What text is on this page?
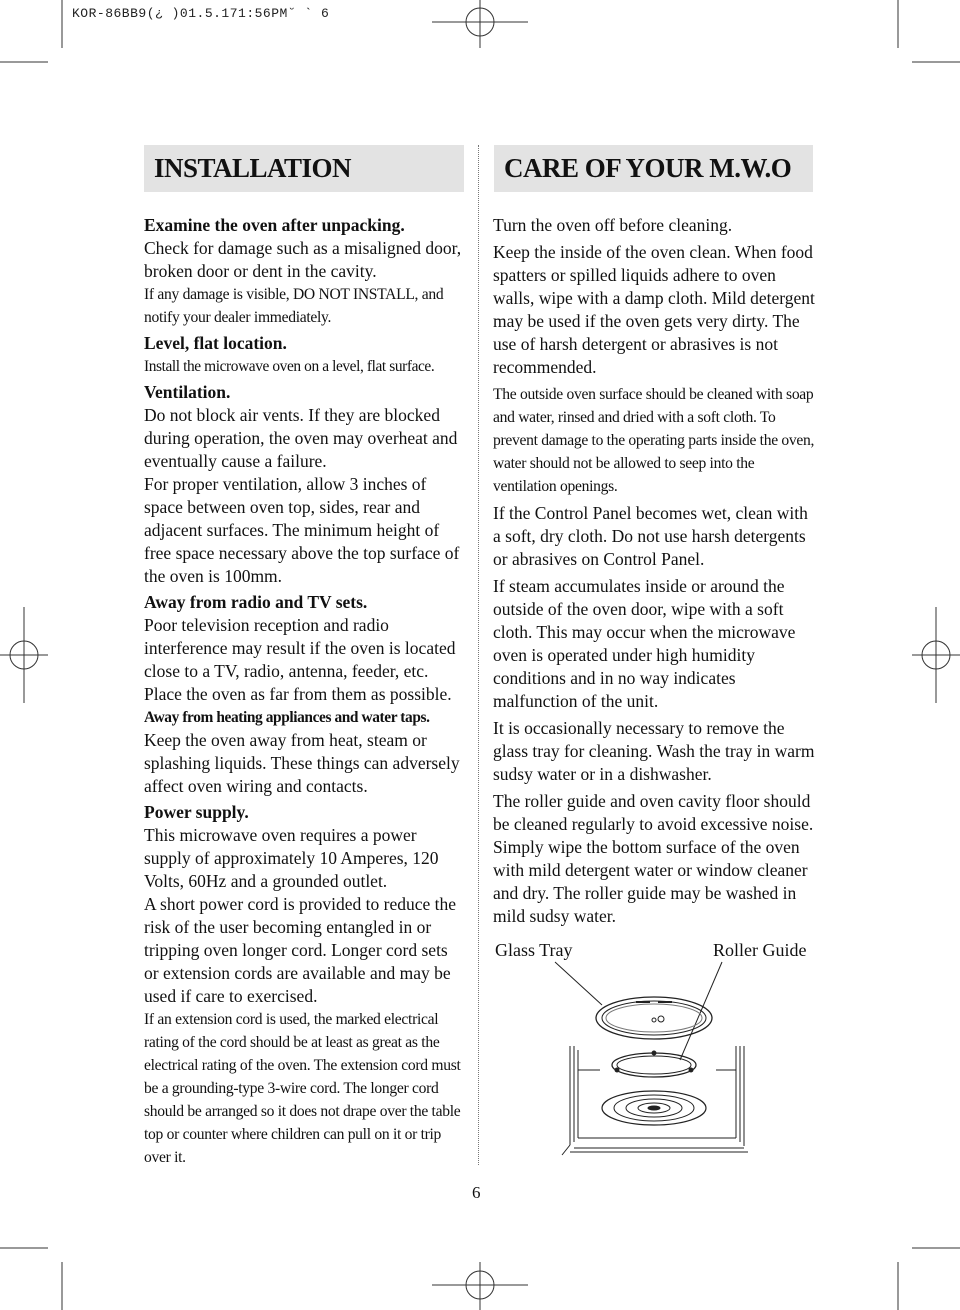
KOR-86BB9(¿ )01.5.171:56PM˘ ` 6
INSTALLATION	CARE OF YOUR M.W.O

Examine the oven after unpacking.

Check for damage such as a misaligned door, broken door or dent in the cavity.

If any damage is visible, DO NOT INSTALL, and notify your dealer immediately.

Level, flat location.

Install the microwave oven on a level, flat surface.

Ventilation.

Do not block air vents. If they are blocked during operation, the oven may overheat and eventually cause a failure.

For proper ventilation, allow 3 inches of space between oven top, sides, rear and adjacent surfaces. The minimum height of free space necessary above the top surface of the oven is 100mm.

Away from radio and TV sets.

Poor television reception and radio interference may result if the oven is located close to a TV, radio, antenna, feeder, etc. Place the oven as far from them as possible.

Away from heating appliances and water taps.

Keep the oven away from heat, steam or splashing liquids. These things can adversely affect oven wiring and contacts.

Power supply.

This microwave oven requires a power supply of approximately 10 Amperes, 120 Volts, 60Hz and a grounded outlet.

A short power cord is provided to reduce the risk of the user becoming entangled in or tripping oven longer cord. Longer cord sets or extension cords are available and may be used if care to exercised.

If an extension cord is used, the marked electrical rating of the cord should be at least as great as the electrical rating of the oven. The extension cord must be a grounding-type 3-wire cord. The longer cord should be arranged so it does not drape over the table top or counter where children can pull on it or trip over it.

Turn the oven off before cleaning.

Keep the inside of the oven clean. When food spatters or spilled liquids adhere to oven walls, wipe with a damp cloth. Mild detergent may be used if the oven gets very dirty. The use of harsh detergent or abrasives is not recommended.

The outside oven surface should be cleaned with soap and water, rinsed and dried with a soft cloth. To prevent damage to the operating parts inside the oven, water should not be allowed to seep into the ventilation openings.

If the Control Panel becomes wet, clean with a soft, dry cloth. Do not use harsh detergents or abrasives on Control Panel.

If steam accumulates inside or around the outside of the oven door, wipe with a soft cloth. This may occur when the microwave oven is operated under high humidity conditions and in no way indicates malfunction of the unit.

It is occasionally necessary to remove the glass tray for cleaning. Wash the tray in warm sudsy water or in a dishwasher.

The roller guide and oven cavity floor should be cleaned regularly to avoid excessive noise. Simply wipe the bottom surface of the oven with mild detergent water or window cleaner and dry. The roller guide may be washed in mild sudsy water.

Glass Tray	Roller Guide
6
